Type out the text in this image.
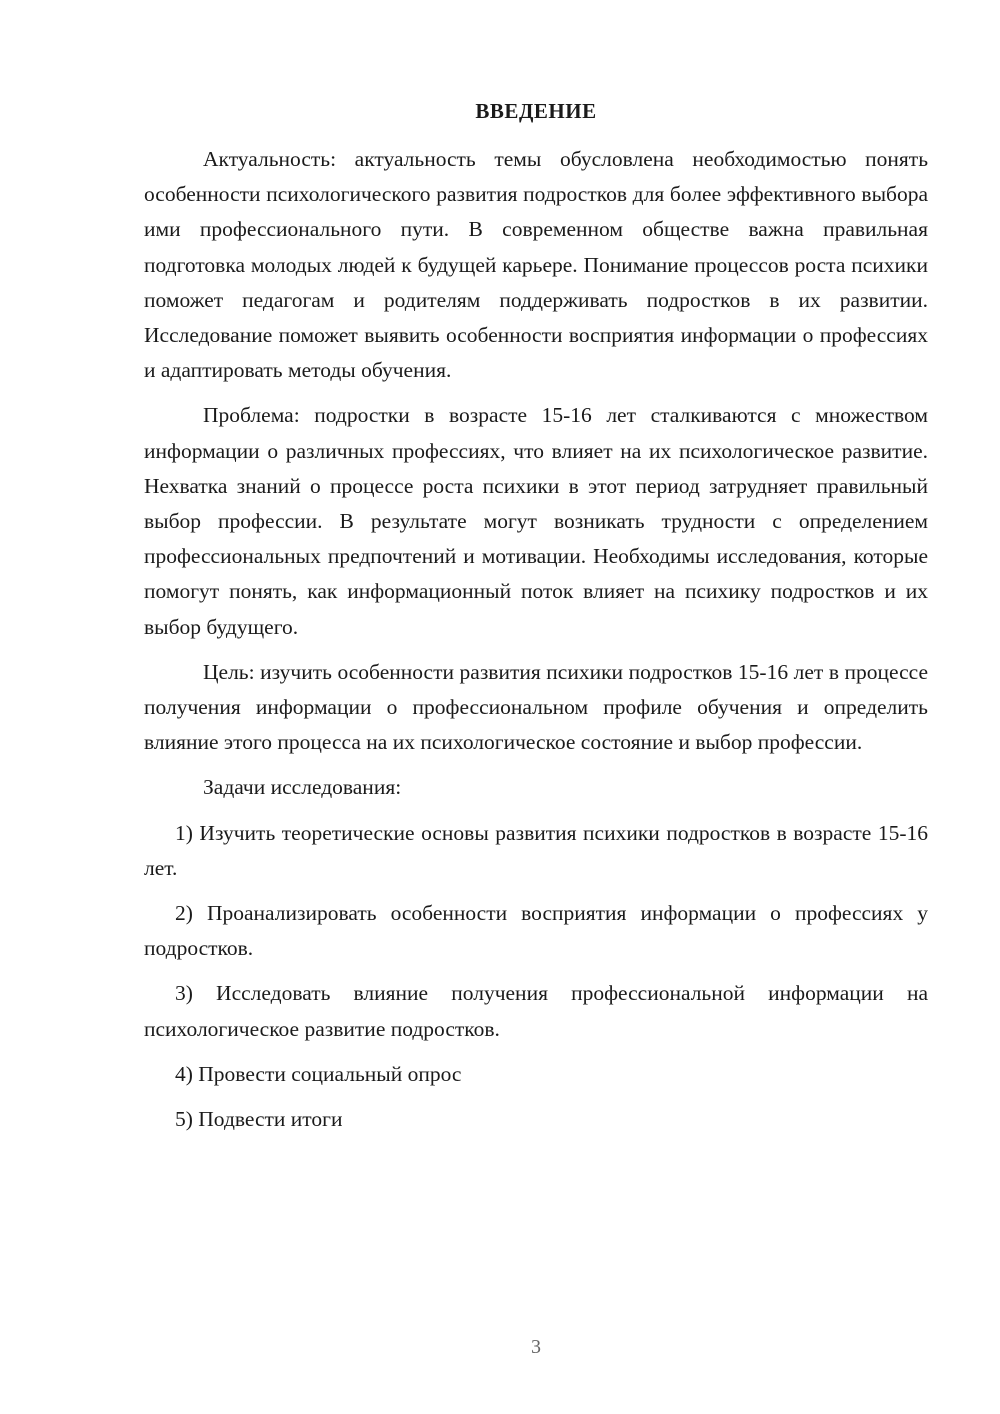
ВВЕДЕНИЕ

Актуальность: актуальность темы обусловлена необходимостью понять особенности психологического развития подростков для более эффективного выбора ими профессионального пути. В современном обществе важна правильная подготовка молодых людей к будущей карьере. Понимание процессов роста психики поможет педагогам и родителям поддерживать подростков в их развитии. Исследование поможет выявить особенности восприятия информации о профессиях и адаптировать методы обучения.

Проблема: подростки в возрасте 15-16 лет сталкиваются с множеством информации о различных профессиях, что влияет на их психологическое развитие. Нехватка знаний о процессе роста психики в этот период затрудняет правильный выбор профессии. В результате могут возникать трудности с определением профессиональных предпочтений и мотивации. Необходимы исследования, которые помогут понять, как информационный поток влияет на психику подростков и их выбор будущего.

Цель: изучить особенности развития психики подростков 15-16 лет в процессе получения информации о профессиональном профиле обучения и определить влияние этого процесса на их психологическое состояние и выбор профессии.

Задачи исследования:

1) Изучить теоретические основы развития психики подростков в возрасте 15-16 лет.

2) Проанализировать особенности восприятия информации о профессиях у подростков.

3) Исследовать влияние получения профессиональной информации на психологическое развитие подростков.

4) Провести социальный опрос

5) Подвести итоги

3
